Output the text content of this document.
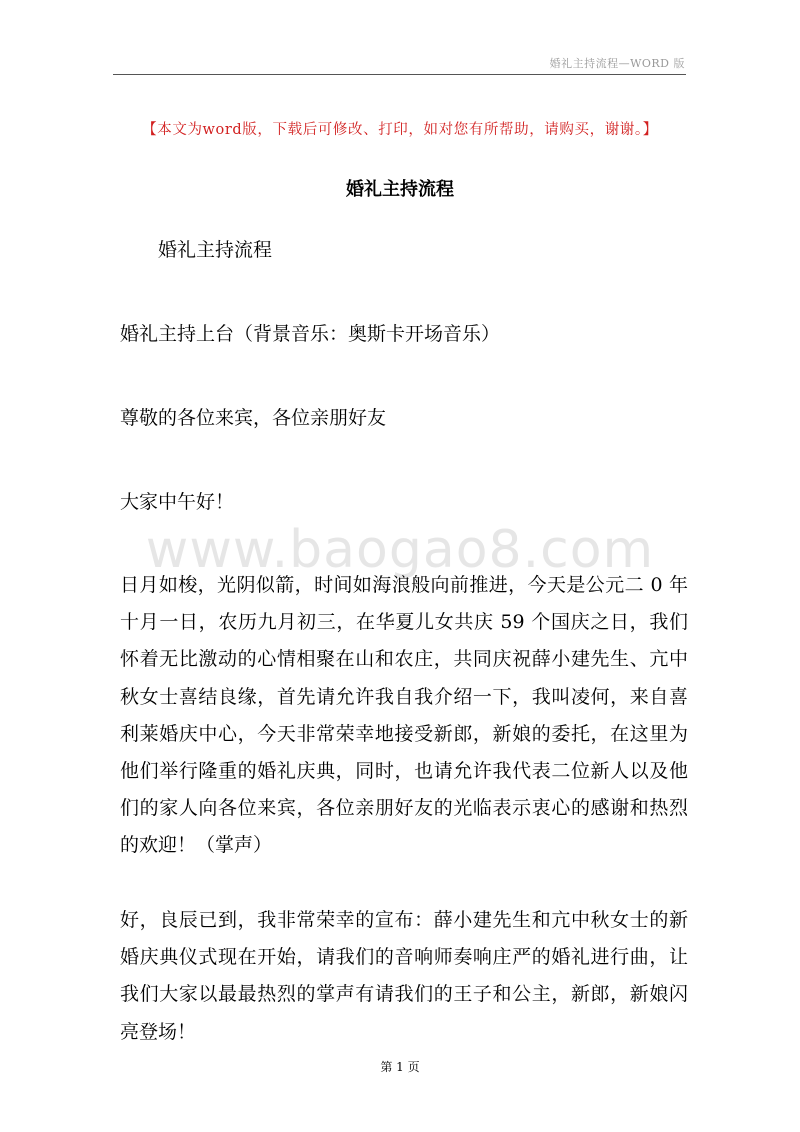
婚礼主持流程—WORD 版
【本文为word版，下载后可修改、打印，如对您有所帮助，请购买，谢谢。】
婚礼主持流程
www.baogao8.com
婚礼主持流程
婚礼主持上台（背景音乐：奥斯卡开场音乐）
尊敬的各位来宾，各位亲朋好友
大家中午好！
日月如梭，光阴似箭，时间如海浪般向前推进，今天是公元二 0 年十月一日，农历九月初三，在华夏儿女共庆 59 个国庆之日，我们怀着无比激动的心情相聚在山和农庄，共同庆祝薛小建先生、亢中秋女士喜结良缘，首先请允许我自我介绍一下，我叫凌何，来自喜利莱婚庆中心，今天非常荣幸地接受新郎，新娘的委托，在这里为他们举行隆重的婚礼庆典，同时，也请允许我代表二位新人以及他们的家人向各位来宾，各位亲朋好友的光临表示衷心的感谢和热烈的欢迎！（掌声）
好，良辰已到，我非常荣幸的宣布：薛小建先生和亢中秋女士的新婚庆典仪式现在开始，请我们的音响师奏响庄严的婚礼进行曲，让我们大家以最最热烈的掌声有请我们的王子和公主，新郎，新娘闪亮登场！
第 1 页
